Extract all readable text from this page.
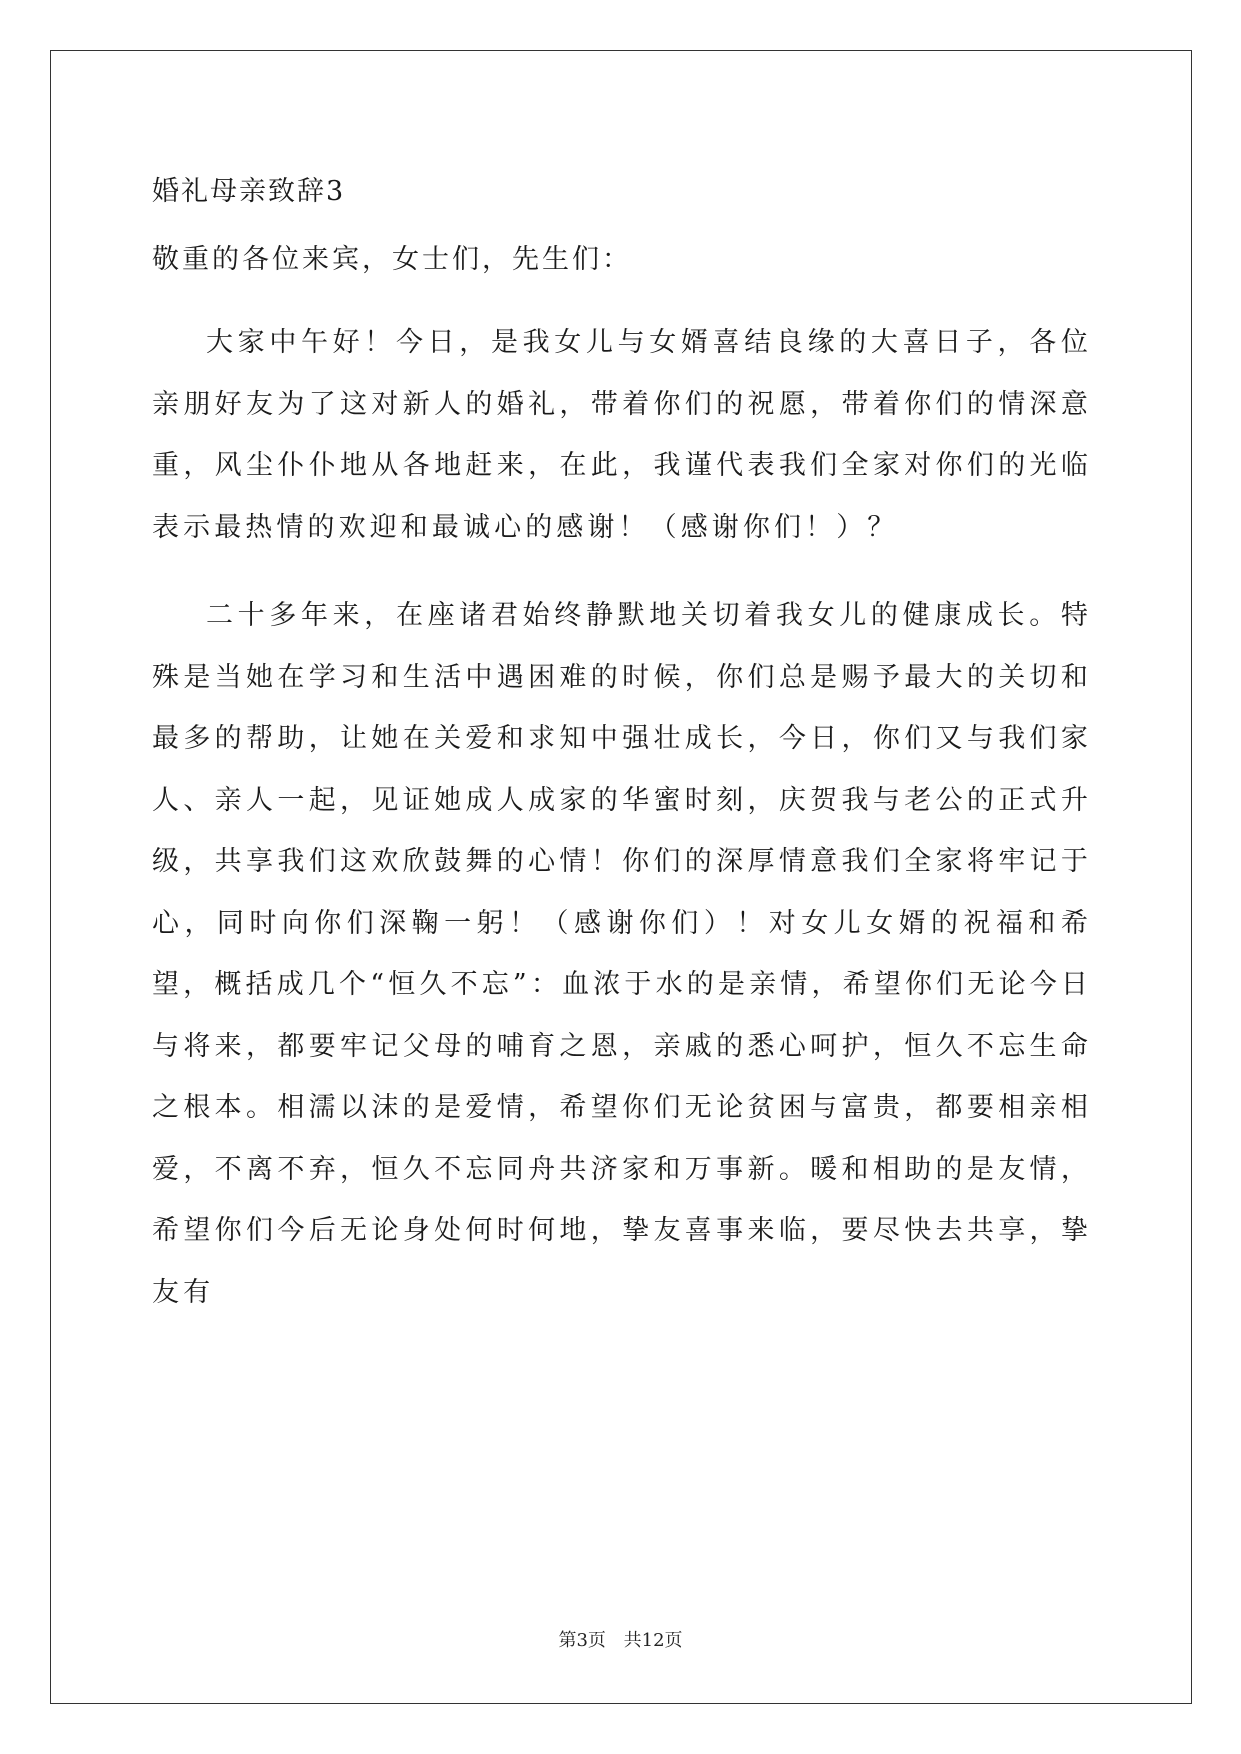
婚礼母亲致辞3
敬重的各位来宾，女士们，先生们：

大家中午好！今日，是我女儿与女婿喜结良缘的大喜日子，各位亲朋好友为了这对新人的婚礼，带着你们的祝愿，带着你们的情深意重，风尘仆仆地从各地赶来，在此，我谨代表我们全家对你们的光临表示最热情的欢迎和最诚心的感谢！（感谢你们！）？

二十多年来，在座诸君始终静默地关切着我女儿的健康成长。特殊是当她在学习和生活中遇困难的时候，你们总是赐予最大的关切和最多的帮助，让她在关爱和求知中强壮成长，今日，你们又与我们家人、亲人一起，见证她成人成家的华蜜时刻，庆贺我与老公的正式升级，共享我们这欢欣鼓舞的心情！你们的深厚情意我们全家将牢记于心，同时向你们深鞠一躬！（感谢你们）！对女儿女婿的祝福和希望，概括成几个“恒久不忘”：血浓于水的是亲情，希望你们无论今日与将来，都要牢记父母的哺育之恩，亲戚的悉心呵护，恒久不忘生命之根本。相濡以沫的是爱情，希望你们无论贫困与富贵，都要相亲相爱，不离不弃，恒久不忘同舟共济家和万事新。暖和相助的是友情，希望你们今后无论身处何时何地，挚友喜事来临，要尽快去共享，挚友有

第3页 共12页
